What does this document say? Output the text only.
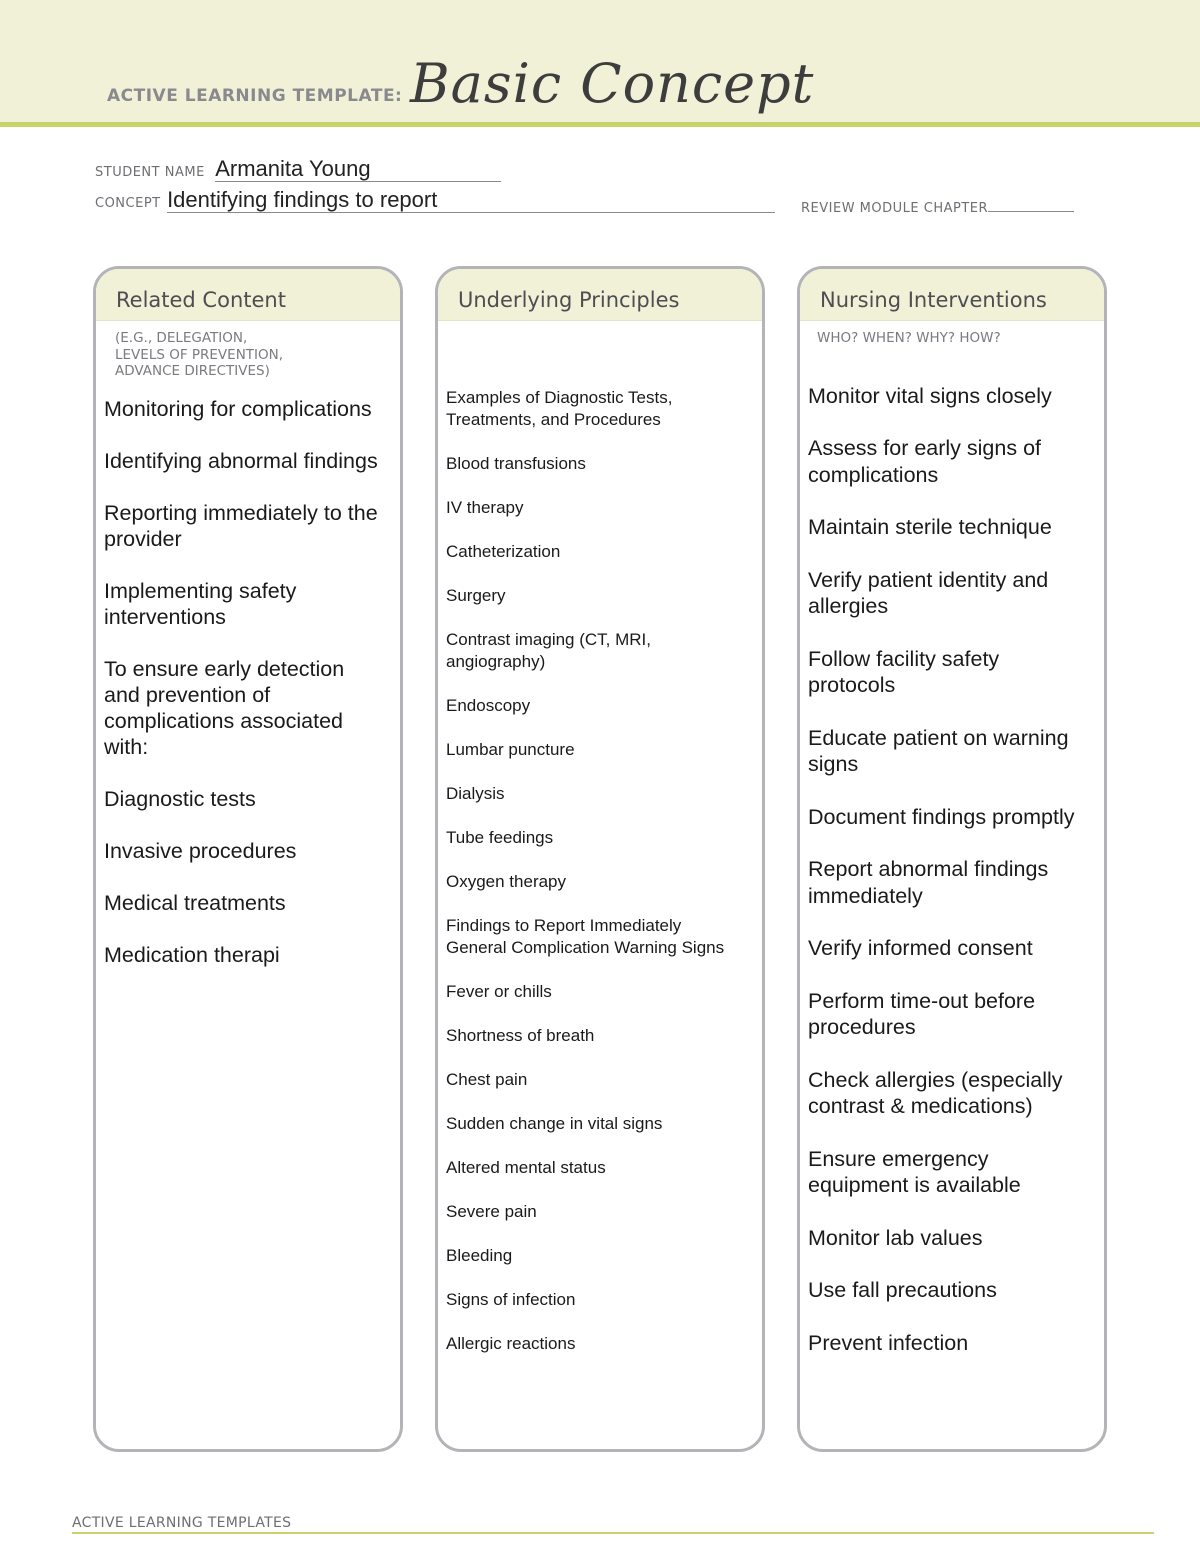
ACTIVE LEARNING TEMPLATE: Basic Concept
STUDENT NAME Armanita Young
CONCEPT Identifying findings to report	REVIEW MODULE CHAPTER
Related Content
(E.G., DELEGATION,
LEVELS OF PREVENTION,
ADVANCE DIRECTIVES)
Monitoring for complications
Identifying abnormal findings
Reporting immediately to the provider
Implementing safety interventions
To ensure early detection and prevention of complications associated with:
Diagnostic tests
Invasive procedures
Medical treatments
Medication therapi
Underlying Principles
Examples of Diagnostic Tests, Treatments, and Procedures
Blood transfusions
IV therapy
Catheterization
Surgery
Contrast imaging (CT, MRI, angiography)
Endoscopy
Lumbar puncture
Dialysis
Tube feedings
Oxygen therapy
Findings to Report Immediately General Complication Warning Signs
Fever or chills
Shortness of breath
Chest pain
Sudden change in vital signs
Altered mental status
Severe pain
Bleeding
Signs of infection
Allergic reactions
Nursing Interventions
WHO? WHEN? WHY? HOW?
Monitor vital signs closely
Assess for early signs of complications
Maintain sterile technique
Verify patient identity and allergies
Follow facility safety protocols
Educate patient on warning signs
Document findings promptly
Report abnormal findings immediately
Verify informed consent
Perform time-out before procedures
Check allergies (especially contrast & medications)
Ensure emergency equipment is available
Monitor lab values
Use fall precautions
Prevent infection
ACTIVE LEARNING TEMPLATES
